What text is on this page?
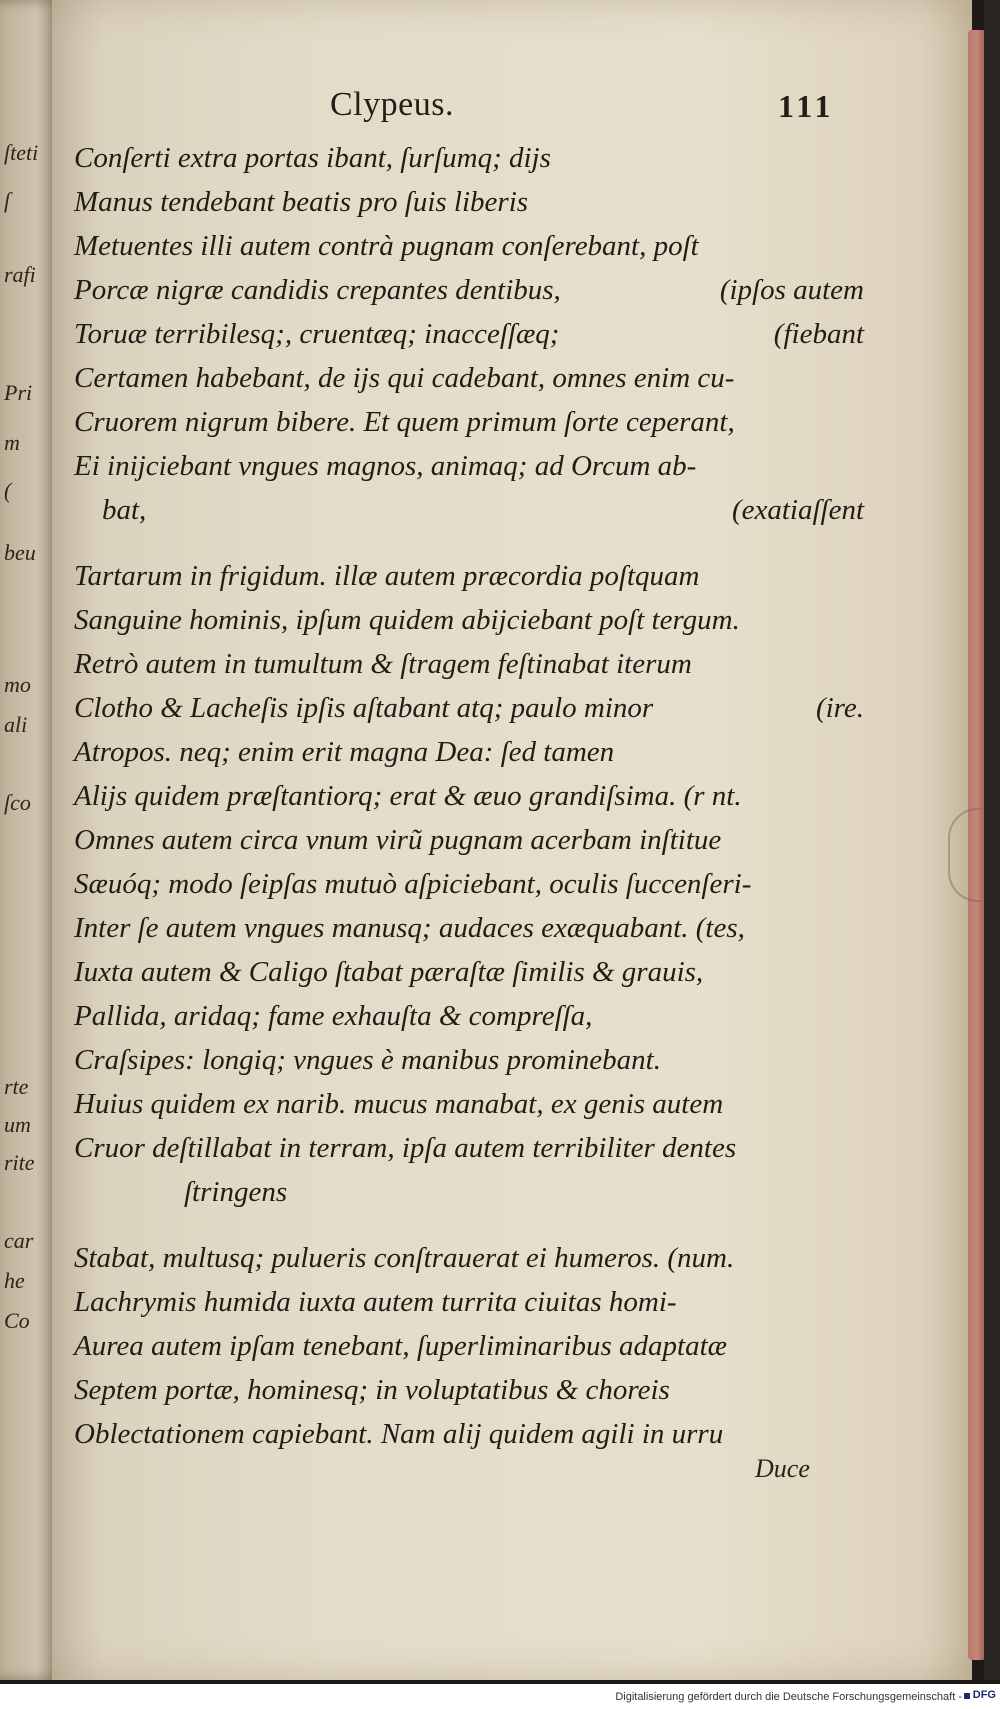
ſteti
ſ
rafi
Pri
m
(
beu
mo
ali
ſco
rte
um
rite
car
he
Co
Clypeus.	111
Conſerti extra portas ibant, ſurſumq; dijs
Manus tendebant beatis pro ſuis liberis
Metuentes illi autem contrà pugnam conſerebant, poſt
Porcæ nigræ candidis crepantes dentibus,	(ipſos autem
Toruæ terribilesq;, cruentæq; inacceſſæq;	(fiebant
Certamen habebant, de ijs qui cadebant, omnes enim cu-
Cruorem nigrum bibere. Et quem primum ſorte ceperant,
Ei inijciebant vngues magnos, animaq; ad Orcum ab-
bat,	(exatiaſſent
Tartarum in frigidum. illæ autem præcordia poſtquam
Sanguine hominis, ipſum quidem abijciebant poſt tergum.
Retrò autem in tumultum & ſtragem feſtinabat iterum
Clotho & Lacheſis ipſis aſtabant atq; paulo minor	(ire.
Atropos. neq; enim erit magna Dea: ſed tamen
Alijs quidem præſtantiorq; erat & æuo grandiſsima. (r nt.
Omnes autem circa vnum virũ pugnam acerbam inſtitue
Sæuóq; modo ſeipſas mutuò aſpiciebant, oculis ſuccenſeri-
Inter ſe autem vngues manusq; audaces exæquabant. (tes,
Iuxta autem & Caligo ſtabat pæraſtæ ſimilis & grauis,
Pallida, aridaq; fame exhauſta & compreſſa,
Craſsipes: longiq; vngues è manibus prominebant.
Huius quidem ex narib. mucus manabat, ex genis autem
Cruor deſtillabat in terram, ipſa autem terribiliter dentes
ſtringens
Stabat, multusq; pulueris conſtrauerat ei humeros. (num.
Lachrymis humida iuxta autem turrita ciuitas homi-
Aurea autem ipſam tenebant, ſuperliminaribus adaptatæ
Septem portæ, hominesq; in voluptatibus & choreis
Oblectationem capiebant. Nam alij quidem agili in urru
Duce
Digitalisierung gefördert durch die Deutsche Forschungsgemeinschaft - DFG
